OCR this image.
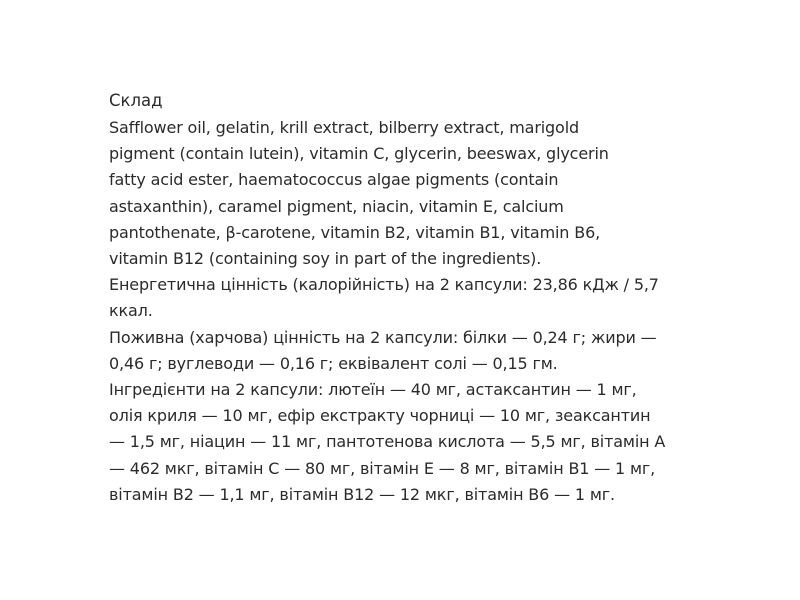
Склад
Safflower oil, gelatin, krill extract, bilberry extract, marigold
pigment (contain lutein), vitamin C, glycerin, beeswax, glycerin
fatty acid ester, haematococcus algae pigments (contain
astaxanthin), caramel pigment, niacin, vitamin E, calcium
pantothenate, β-carotene, vitamin B2, vitamin B1, vitamin B6,
vitamin B12 (containing soy in part of the ingredients).
Енергетична цінність (калорійність) на 2 капсули: 23,86 кДж / 5,7
ккал.
Поживна (харчова) цінність на 2 капсули: білки — 0,24 г; жири —
0,46 г; вуглеводи — 0,16 г; еквівалент солі — 0,15 гм.
Інгредієнти на 2 капсули: лютеїн — 40 мг, астаксантин — 1 мг,
олія криля — 10 мг, ефір екстракту чорниці — 10 мг, зеаксантин
— 1,5 мг, ніацин — 11 мг, пантотенова кислота — 5,5 мг, вітамін А
— 462 мкг, вітамін С — 80 мг, вітамін Е — 8 мг, вітамін В1 — 1 мг,
вітамін В2 — 1,1 мг, вітамін В12 — 12 мкг, вітамін В6 — 1 мг.
